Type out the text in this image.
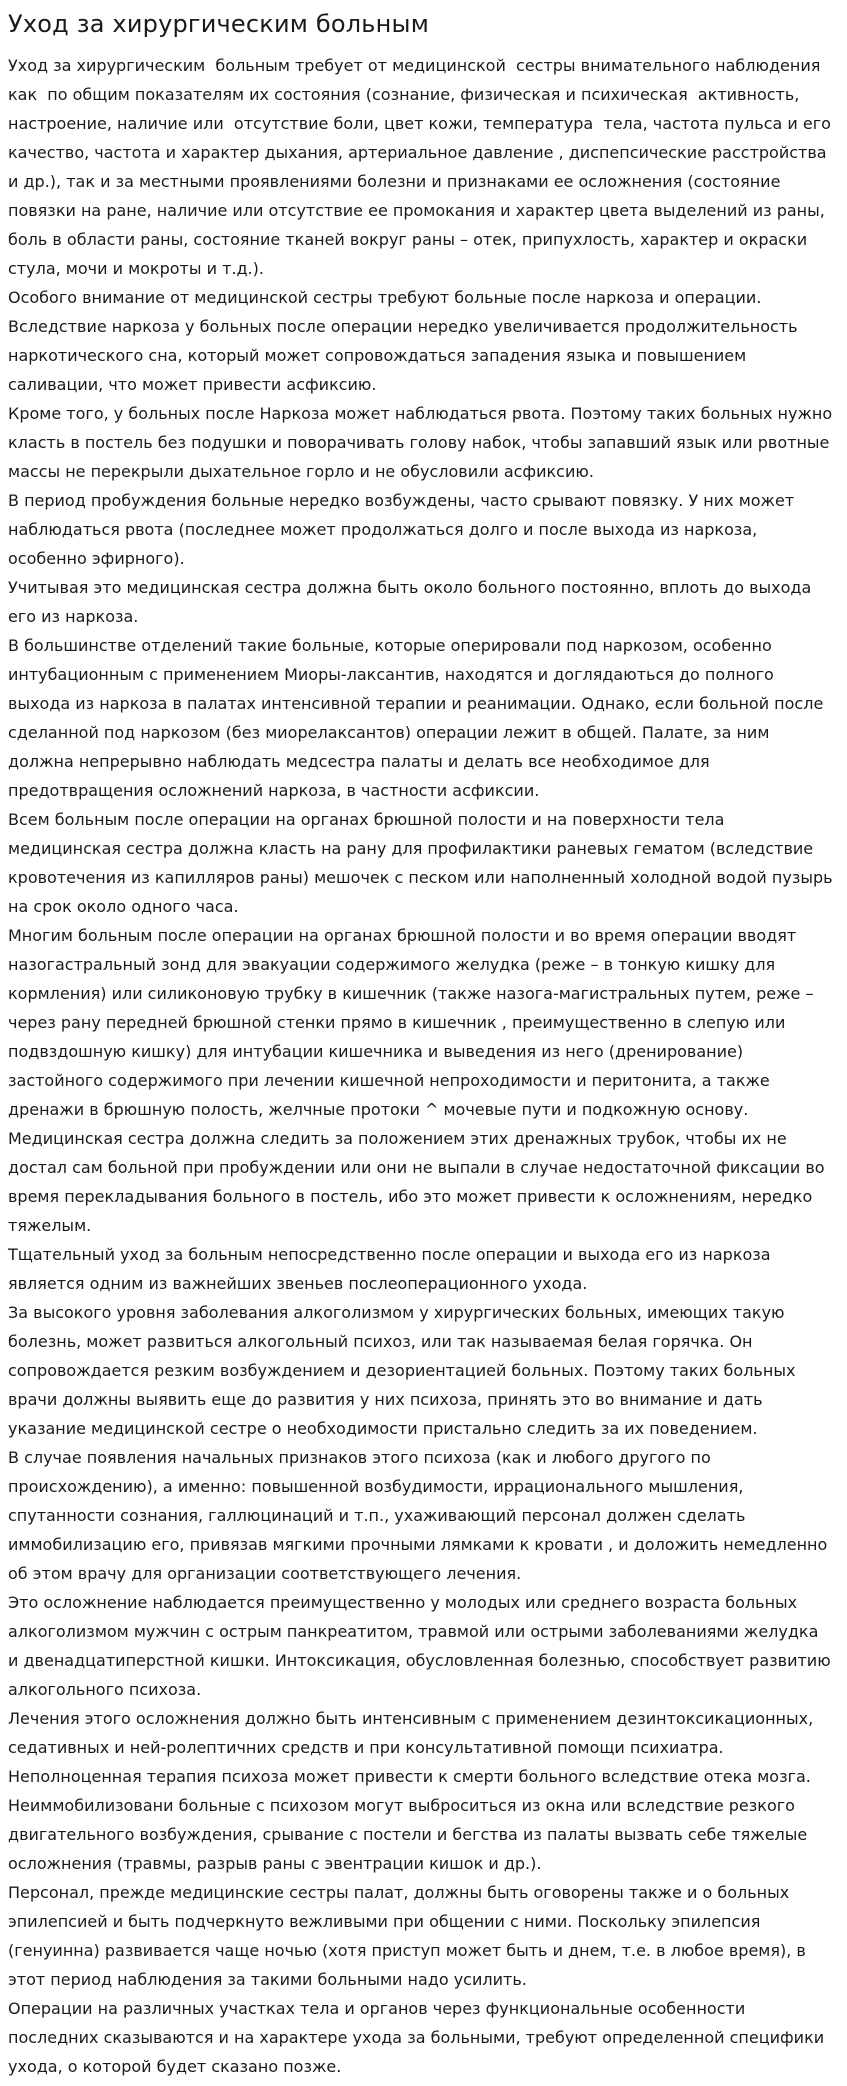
Уход за хирургическим больным

Уход за хирургическим  больным требует от медицинской  сестры внимательного наблюдения как  по общим показателям их состояния (сознание, физическая и психическая  активность, настроение, наличие или  отсутствие боли, цвет кожи, температура  тела, частота пульса и его качество, частота и характер дыхания, артериальное давление , диспепсические расстройства и др.), так и за местными проявлениями болезни и признаками ее осложнения (состояние повязки на ране, наличие или отсутствие ее промокания и характер цвета выделений из раны, боль в области раны, состояние тканей вокруг раны – отек, припухлость, характер и окраски стула, мочи и мокроты и т.д.).

Особого внимание от медицинской сестры требуют больные после наркоза и операции.

Вследствие наркоза у больных после операции нередко увеличивается продолжительность наркотического сна, который может сопровождаться западения языка и повышением саливации, что может привести асфиксию.

Кроме того, у больных после Наркоза может наблюдаться рвота. Поэтому таких больных нужно класть в постель без подушки и поворачивать голову набок, чтобы запавший язык или рвотные массы не перекрыли дыхательное горло и не обусловили асфиксию.

В период пробуждения больные нередко возбуждены, часто срывают повязку. У них может наблюдаться рвота (последнее может продолжаться долго и после выхода из наркоза, особенно эфирного).

Учитывая это медицинская сестра должна быть около больного постоянно, вплоть до выхода его из наркоза.

В большинстве отделений такие больные, которые оперировали под наркозом, особенно интубационным с применением Миоры-лаксантив, находятся и доглядаються до полного выхода из наркоза в палатах интенсивной терапии и реанимации. Однако, если больной после сделанной под наркозом (без миорелаксантов) операции лежит в общей. Палате, за ним должна непрерывно наблюдать медсестра палаты и делать все необходимое для предотвращения осложнений наркоза, в частности асфиксии.

Всем больным после операции на органах брюшной полости и на поверхности тела медицинская сестра должна класть на рану для профилактики раневых гематом (вследствие кровотечения из капилляров раны) мешочек с песком или наполненный холодной водой пузырь на срок около одного часа.

Многим больным после операции на органах брюшной полости и во время операции вводят назогастральный зонд для эвакуации содержимого желудка (реже – в тонкую кишку для кормления) или силиконовую трубку в кишечник (также назога-магистральных путем, реже – через рану передней брюшной стенки прямо в кишечник , преимущественно в слепую или подвздошную кишку) для интубации кишечника и выведения из него (дренирование) застойного содержимого при лечении кишечной непроходимости и перитонита, а также дренажи в брюшную полость, желчные протоки ^ мочевые пути и подкожную основу. Медицинская сестра должна следить за положением этих дренажных трубок, чтобы их не достал сам больной при пробуждении или они не выпали в случае недостаточной фиксации во время перекладывания больного в постель, ибо это может привести к осложнениям, нередко тяжелым.

Тщательный уход за больным непосредственно после операции и выхода его из наркоза является одним из важнейших звеньев послеоперационного ухода.

За высокого уровня заболевания алкоголизмом у хирургических больных, имеющих такую болезнь, может развиться алкогольный психоз, или так называемая белая горячка. Он сопровождается резким возбуждением и дезориентацией больных. Поэтому таких больных врачи должны выявить еще до развития у них психоза, принять это во внимание и дать указание медицинской сестре о необходимости пристально следить за их поведением.

В случае появления начальных признаков этого психоза (как и любого другого по происхождению), а именно: повышенной возбудимости, иррационального мышления, спутанности сознания, галлюцинаций и т.п., ухаживающий персонал должен сделать иммобилизацию его, привязав мягкими прочными лямками к кровати , и доложить немедленно об этом врачу для организации соответствующего лечения.

Это осложнение наблюдается преимущественно у молодых или среднего возраста больных алкоголизмом мужчин с острым панкреатитом, травмой или острыми заболеваниями желудка и двенадцатиперстной кишки. Интоксикация, обусловленная болезнью, способствует развитию алкогольного психоза.

Лечения этого осложнения должно быть интенсивным с применением дезинтоксикационных, седативных и ней-ролептичних средств и при консультативной помощи психиатра. Неполноценная терапия психоза может привести к смерти больного вследствие отека мозга.

Неиммобилизовани больные с психозом могут выброситься из окна или вследствие резкого двигательного возбуждения, срывание с постели и бегства из палаты вызвать себе тяжелые осложнения (травмы, разрыв раны с эвентрации кишок и др.).

Персонал, прежде медицинские сестры палат, должны быть оговорены также и о больных эпилепсией и быть подчеркнуто вежливыми при общении с ними. Поскольку эпилепсия (генуинна) развивается чаще ночью (хотя приступ может быть и днем, т.е. в любое время), в этот период наблюдения за такими больными надо усилить.

Операции на различных участках тела и органов через функциональные особенности последних сказываются и на характере ухода за больными, требуют определенной специфики ухода, о которой будет сказано позже.
